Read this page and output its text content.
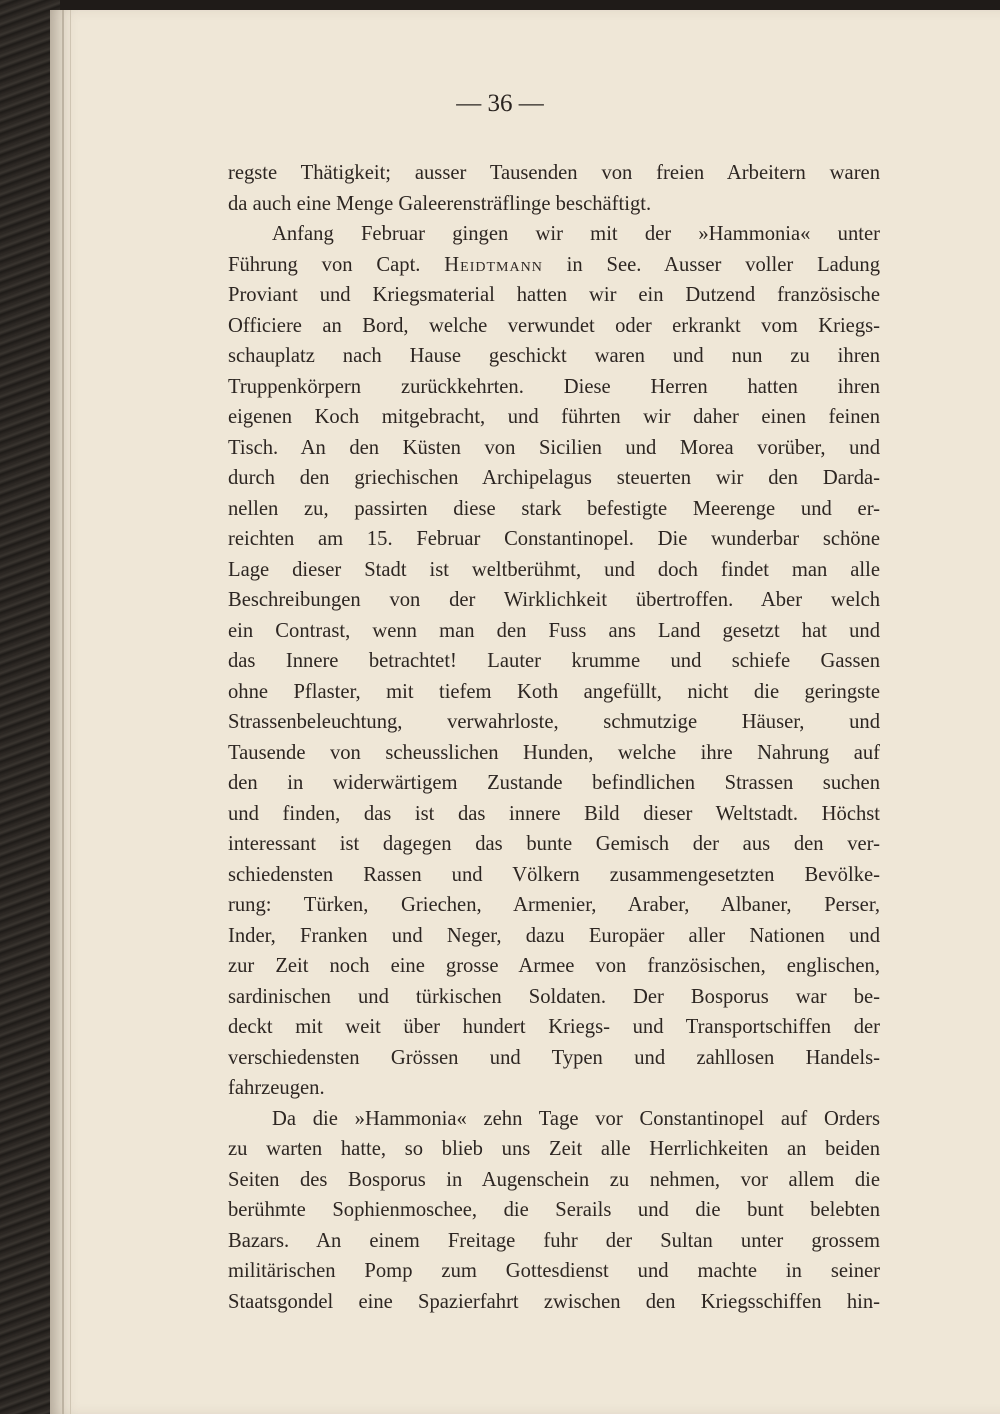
— 36 —
regste Thätigkeit; ausser Tausenden von freien Arbeitern waren
da auch eine Menge Galeerensträflinge beschäftigt.
Anfang Februar gingen wir mit der »Hammonia« unter
Führung von Capt. Heidtmann in See. Ausser voller Ladung
Proviant und Kriegsmaterial hatten wir ein Dutzend französische
Officiere an Bord, welche verwundet oder erkrankt vom Kriegs-
schauplatz nach Hause geschickt waren und nun zu ihren
Truppenkörpern zurückkehrten. Diese Herren hatten ihren
eigenen Koch mitgebracht, und führten wir daher einen feinen
Tisch. An den Küsten von Sicilien und Morea vorüber, und
durch den griechischen Archipelagus steuerten wir den Darda-
nellen zu, passirten diese stark befestigte Meerenge und er-
reichten am 15. Februar Constantinopel. Die wunderbar schöne
Lage dieser Stadt ist weltberühmt, und doch findet man alle
Beschreibungen von der Wirklichkeit übertroffen. Aber welch
ein Contrast, wenn man den Fuss ans Land gesetzt hat und
das Innere betrachtet! Lauter krumme und schiefe Gassen
ohne Pflaster, mit tiefem Koth angefüllt, nicht die geringste
Strassenbeleuchtung, verwahrloste, schmutzige Häuser, und
Tausende von scheusslichen Hunden, welche ihre Nahrung auf
den in widerwärtigem Zustande befindlichen Strassen suchen
und finden, das ist das innere Bild dieser Weltstadt. Höchst
interessant ist dagegen das bunte Gemisch der aus den ver-
schiedensten Rassen und Völkern zusammengesetzten Bevölke-
rung: Türken, Griechen, Armenier, Araber, Albaner, Perser,
Inder, Franken und Neger, dazu Europäer aller Nationen und
zur Zeit noch eine grosse Armee von französischen, englischen,
sardinischen und türkischen Soldaten. Der Bosporus war be-
deckt mit weit über hundert Kriegs- und Transportschiffen der
verschiedensten Grössen und Typen und zahllosen Handels-
fahrzeugen.
Da die »Hammonia« zehn Tage vor Constantinopel auf Orders
zu warten hatte, so blieb uns Zeit alle Herrlichkeiten an beiden
Seiten des Bosporus in Augenschein zu nehmen, vor allem die
berühmte Sophienmoschee, die Serails und die bunt belebten
Bazars. An einem Freitage fuhr der Sultan unter grossem
militärischen Pomp zum Gottesdienst und machte in seiner
Staatsgondel eine Spazierfahrt zwischen den Kriegsschiffen hin-
